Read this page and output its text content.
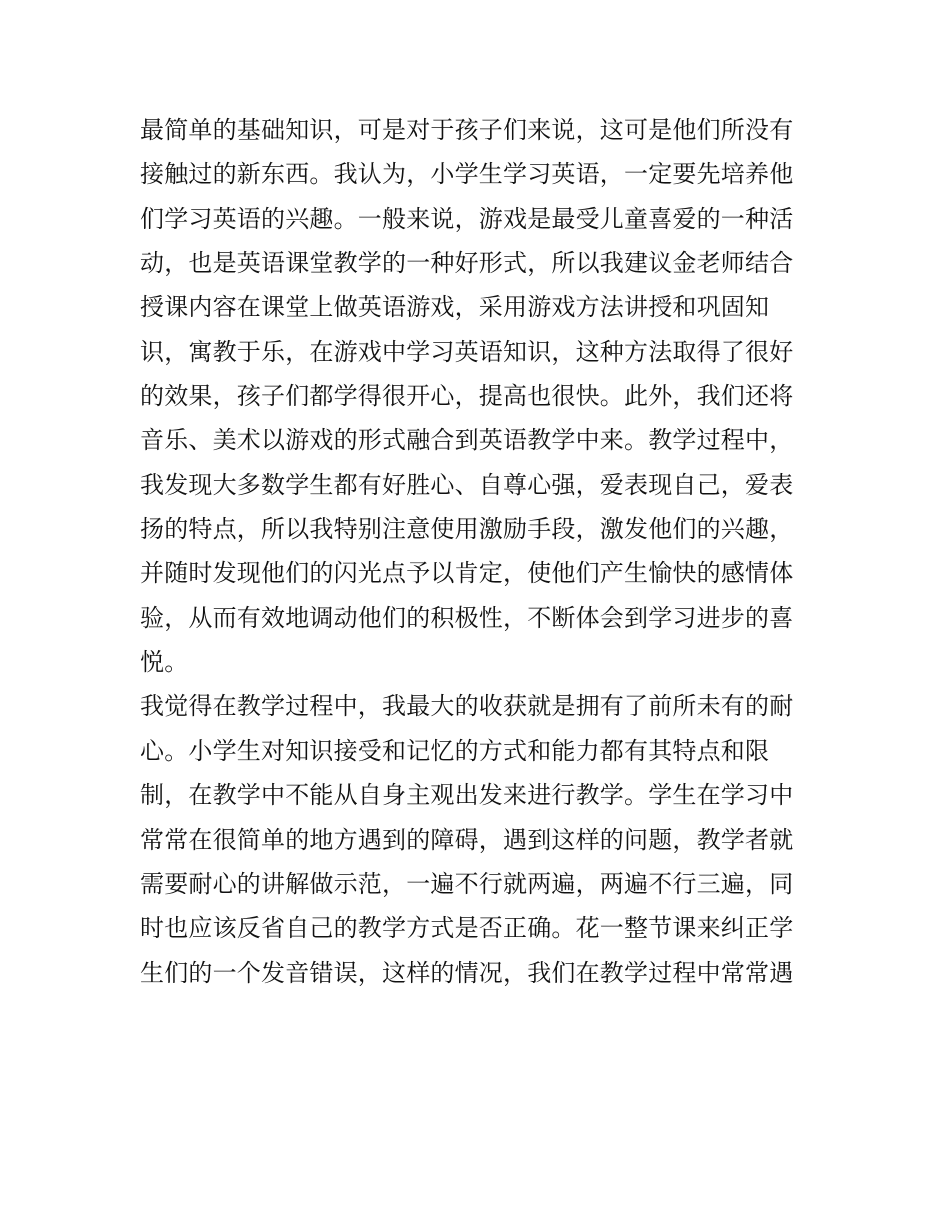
最简单的基础知识，可是对于孩子们来说，这可是他们所没有
接触过的新东西。我认为，小学生学习英语，一定要先培养他
们学习英语的兴趣。一般来说，游戏是最受儿童喜爱的一种活
动，也是英语课堂教学的一种好形式，所以我建议金老师结合
授课内容在课堂上做英语游戏，采用游戏方法讲授和巩固知
识，寓教于乐，在游戏中学习英语知识，这种方法取得了很好
的效果，孩子们都学得很开心，提高也很快。此外，我们还将
音乐、美术以游戏的形式融合到英语教学中来。教学过程中，
我发现大多数学生都有好胜心、自尊心强，爱表现自己，爱表
扬的特点，所以我特别注意使用激励手段，激发他们的兴趣，
并随时发现他们的闪光点予以肯定，使他们产生愉快的感情体
验，从而有效地调动他们的积极性，不断体会到学习进步的喜
悦。
我觉得在教学过程中，我最大的收获就是拥有了前所未有的耐
心。小学生对知识接受和记忆的方式和能力都有其特点和限
制，在教学中不能从自身主观出发来进行教学。学生在学习中
常常在很简单的地方遇到的障碍，遇到这样的问题，教学者就
需要耐心的讲解做示范，一遍不行就两遍，两遍不行三遍，同
时也应该反省自己的教学方式是否正确。花一整节课来纠正学
生们的一个发音错误，这样的情况，我们在教学过程中常常遇
